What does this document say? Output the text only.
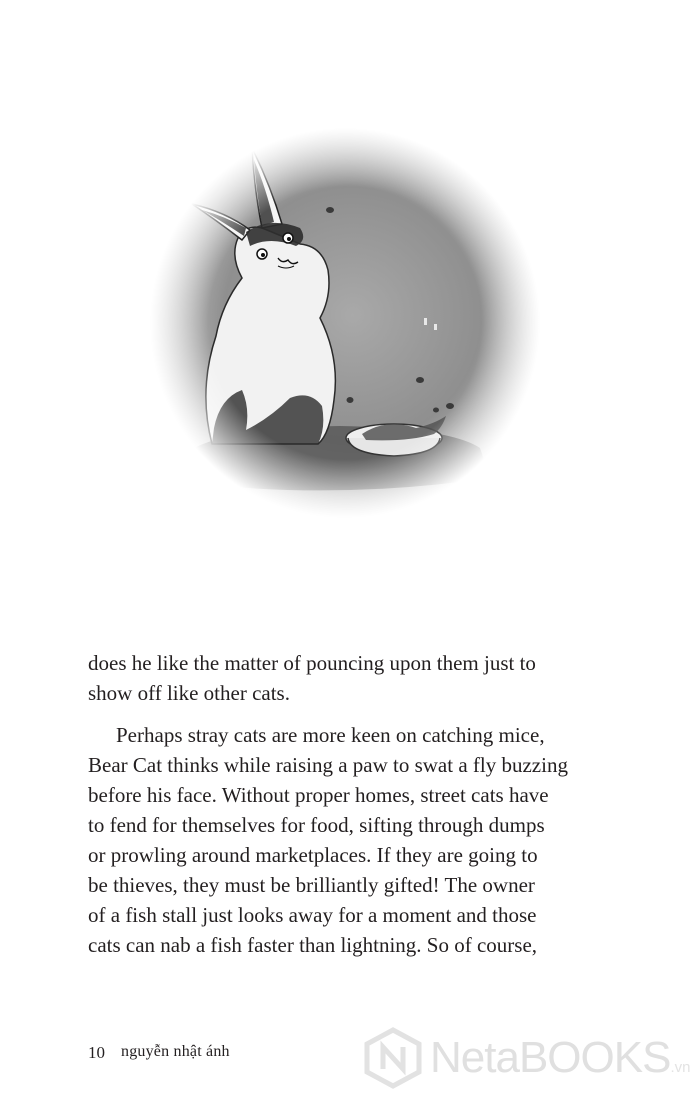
does he like the matter of pouncing upon them just to
show off like other cats.

Perhaps stray cats are more keen on catching mice,
Bear Cat thinks while raising a paw to swat a fly buzzing
before his face. Without proper homes, street cats have
to fend for themselves for food, sifting through dumps
or prowling around marketplaces. If they are going to
be thieves, they must be brilliantly gifted! The owner
of a fish stall just looks away for a moment and those
cats can nab a fish faster than lightning. So of course,

10 nguyễn nhật ánh	NetaBOOKS .vn
